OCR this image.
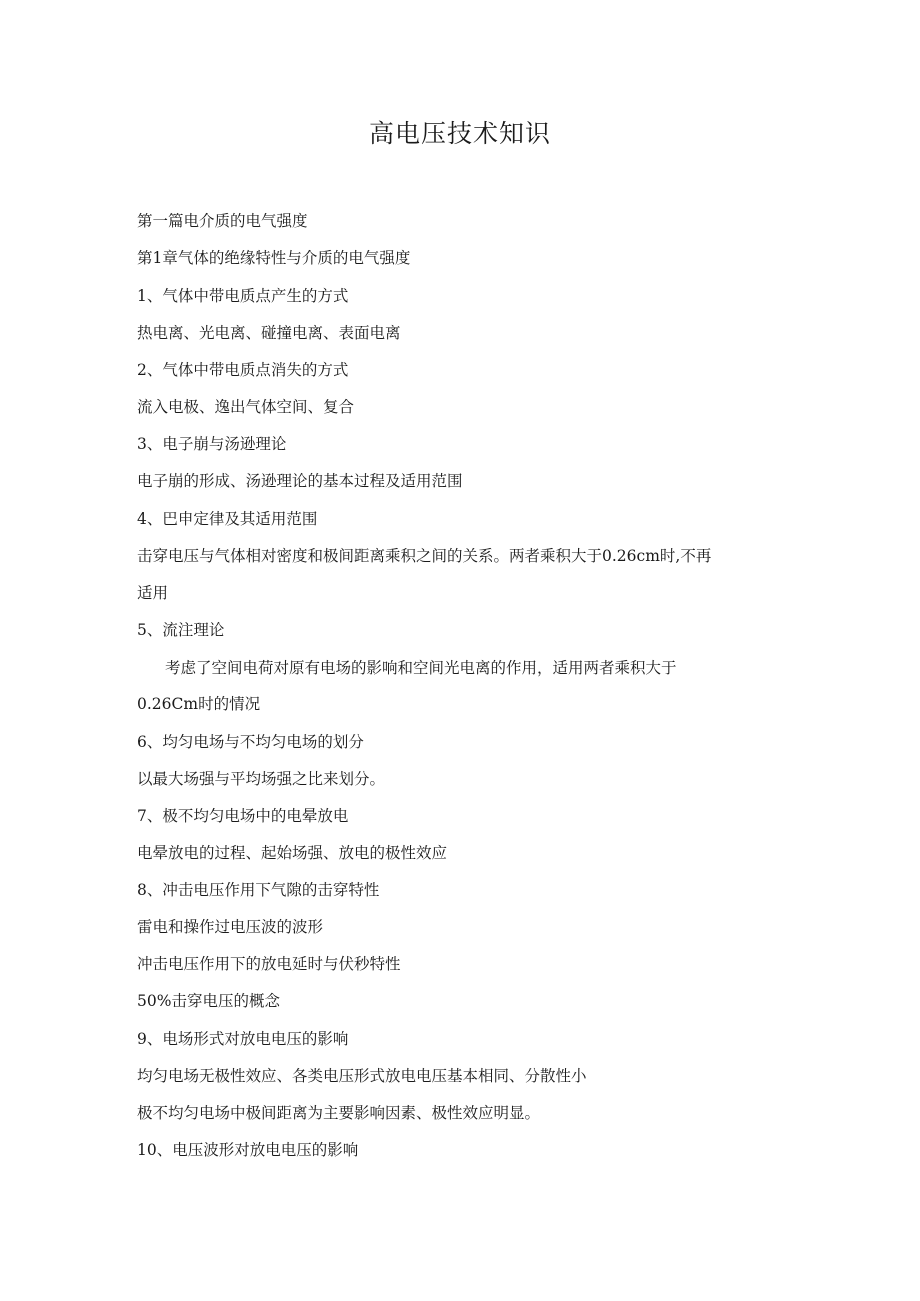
高电压技术知识
第一篇电介质的电气强度
第1章气体的绝缘特性与介质的电气强度
1、气体中带电质点产生的方式
热电离、光电离、碰撞电离、表面电离
2、气体中带电质点消失的方式
流入电极、逸出气体空间、复合
3、电子崩与汤逊理论
电子崩的形成、汤逊理论的基本过程及适用范围
4、巴申定律及其适用范围
击穿电压与气体相对密度和极间距离乘积之间的关系。两者乘积大于0.26cm时,不再
适用
5、流注理论
考虑了空间电荷对原有电场的影响和空间光电离的作用，适用两者乘积大于
0.26Cm时的情况
6、均匀电场与不均匀电场的划分
以最大场强与平均场强之比来划分。
7、极不均匀电场中的电晕放电
电晕放电的过程、起始场强、放电的极性效应
8、冲击电压作用下气隙的击穿特性
雷电和操作过电压波的波形
冲击电压作用下的放电延时与伏秒特性
50%击穿电压的概念
9、电场形式对放电电压的影响
均匀电场无极性效应、各类电压形式放电电压基本相同、分散性小
极不均匀电场中极间距离为主要影响因素、极性效应明显。
10、电压波形对放电电压的影响
